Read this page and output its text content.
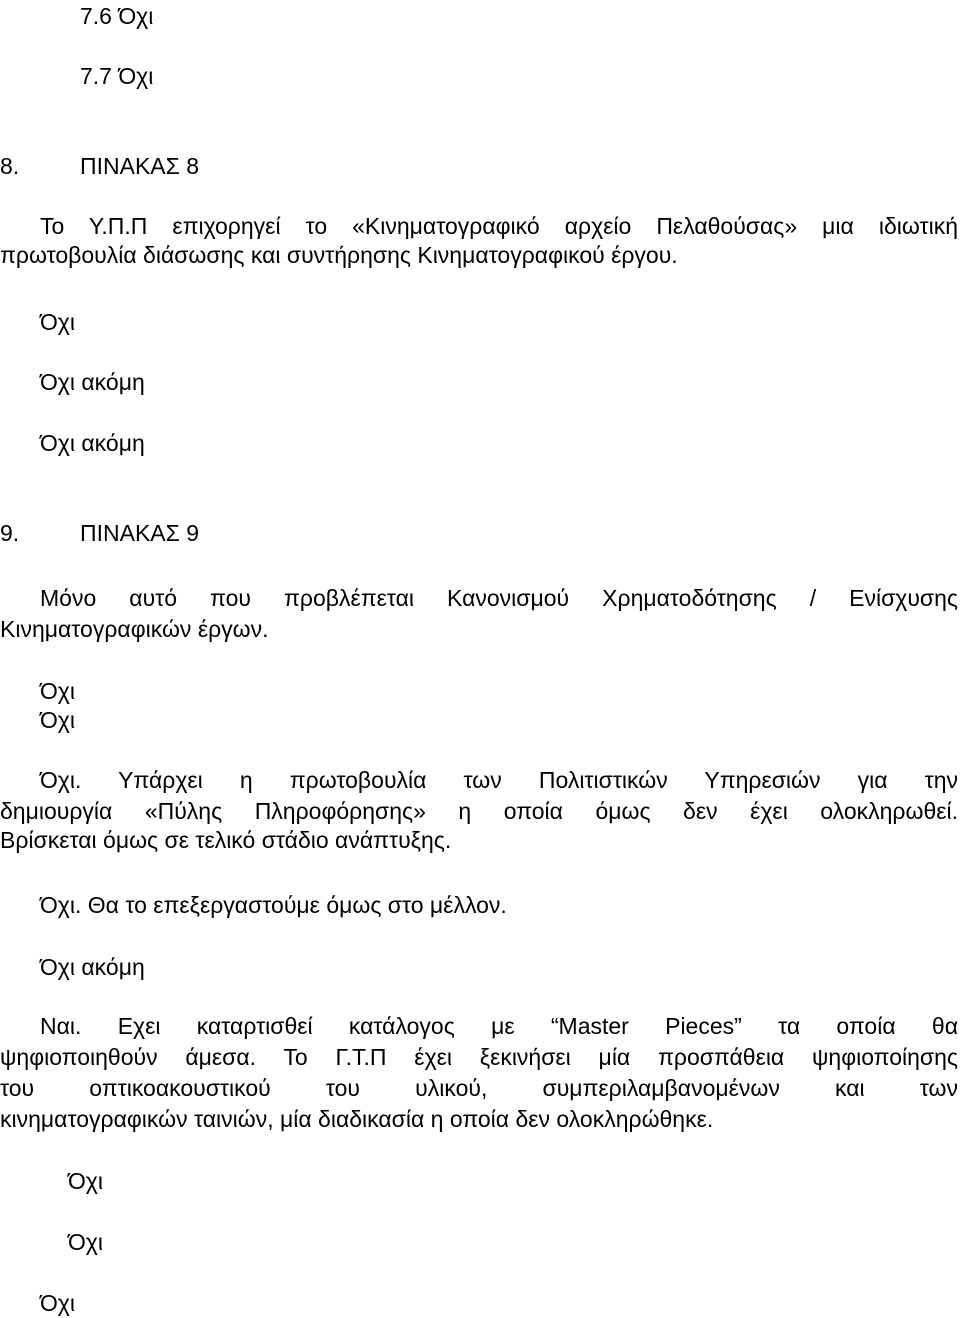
7.6 Όχι
7.7 Όχι
8.	ΠΙΝΑΚΑΣ 8
Το Υ.Π.Π επιχορηγεί το «Κινηματογραφικό αρχείο Πελαθούσας» μια ιδιωτική
πρωτοβουλία διάσωσης και συντήρησης Κινηματογραφικού έργου.
Όχι
Όχι ακόμη
Όχι ακόμη
9.	ΠΙΝΑΚΑΣ 9
Μόνο αυτό που προβλέπεται Κανονισμού Χρηματοδότησης / Ενίσχυσης
Κινηματογραφικών έργων.
Όχι
Όχι
Όχι. Υπάρχει η πρωτοβουλία των Πολιτιστικών Υπηρεσιών για την
δημιουργία «Πύλης Πληροφόρησης» η οποία όμως δεν έχει ολοκληρωθεί.
Βρίσκεται όμως σε τελικό στάδιο ανάπτυξης.
Όχι. Θα το επεξεργαστούμε όμως στο μέλλον.
Όχι ακόμη
Ναι. Εχει καταρτισθεί κατάλογος με “Master Pieces” τα οποία θα
ψηφιοποιηθούν άμεσα. Το Γ.Τ.Π έχει ξεκινήσει μία προσπάθεια ψηφιοποίησης
του οπτικοακουστικού του υλικού, συμπεριλαμβανομένων και των
κινηματογραφικών ταινιών, μία διαδικασία η οποία δεν ολοκληρώθηκε.
Όχι
Όχι
Όχι
